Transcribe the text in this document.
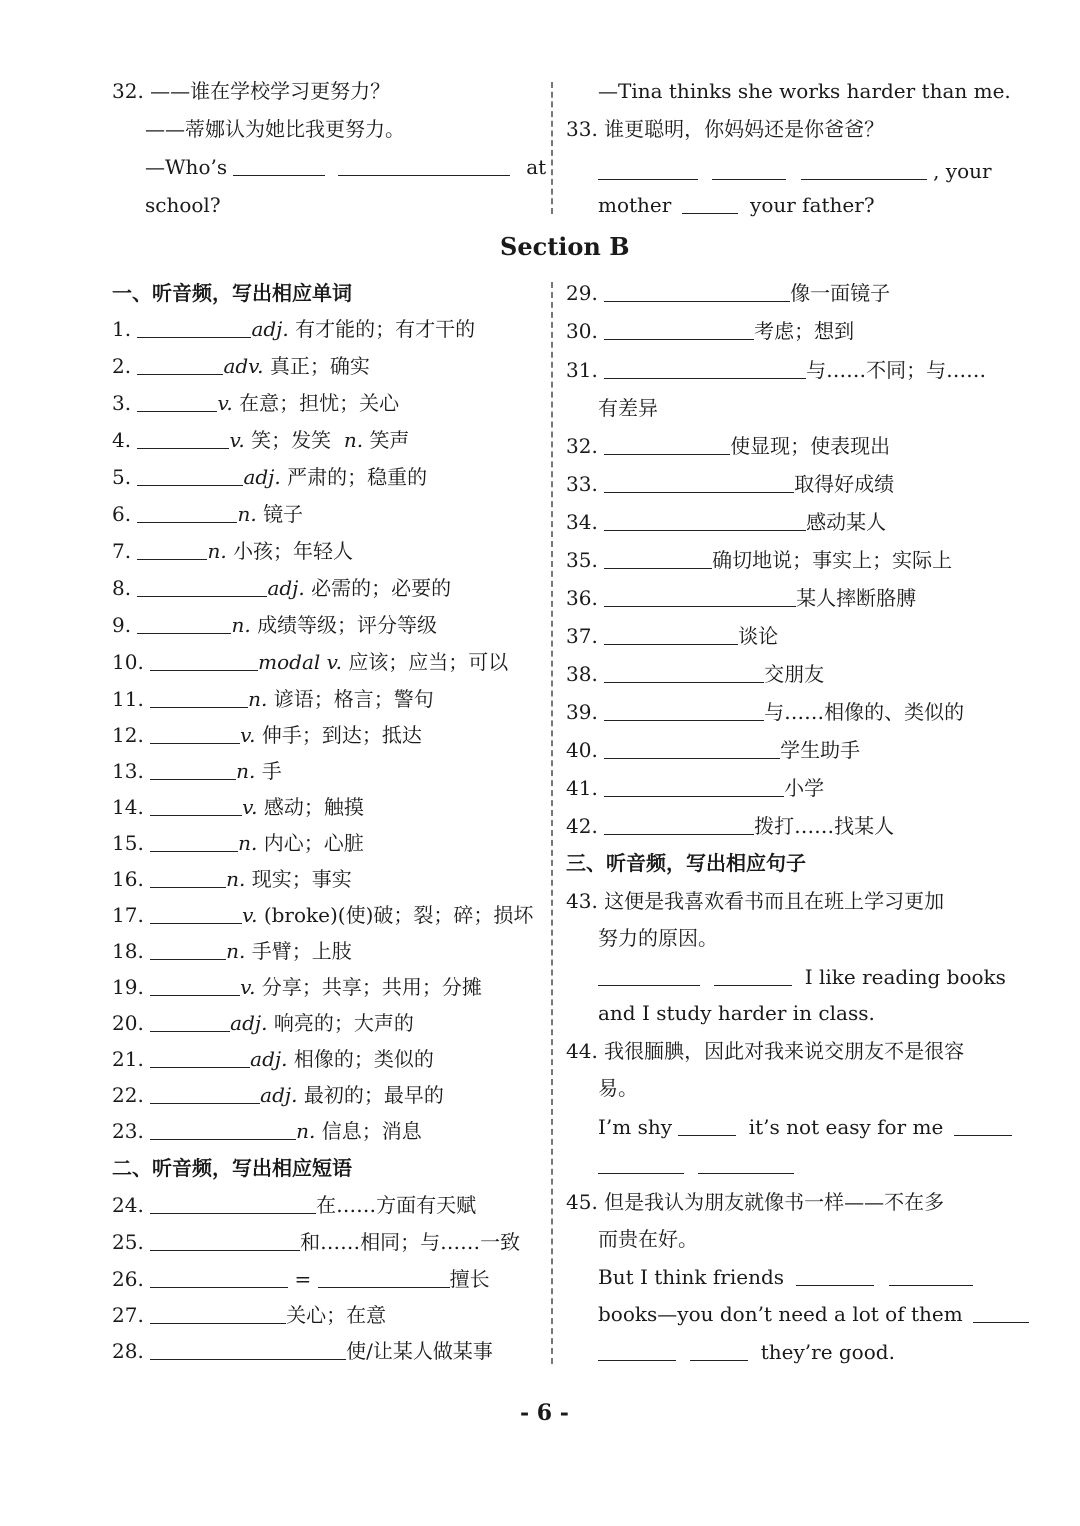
32. ——谁在学校学习更努力？
——蒂娜认为她比我更努力。
—Who’s	at
school?
—Tina thinks she works harder than me.
33. 谁更聪明，你妈妈还是你爸爸？
, your
mother	your father?
Section B
一、听音频，写出相应单词
1.	adj. 有才能的；有才干的
2.	adv. 真正；确实
3.	v. 在意；担忧；关心
4.	v. 笑；发笑 n. 笑声
5.	adj. 严肃的；稳重的
6.	n. 镜子
7.	n. 小孩；年轻人
8.	adj. 必需的；必要的
9.	n. 成绩等级；评分等级
10.	modal v. 应该；应当；可以
11.	n. 谚语；格言；警句
12.	v. 伸手；到达；抵达
13.	n. 手
14.	v. 感动；触摸
15.	n. 内心；心脏
16.	n. 现实；事实
17.	v. (broke)(使)破；裂；碎；损坏
18.	n. 手臂；上肢
19.	v. 分享；共享；共用；分摊
20.	adj. 响亮的；大声的
21.	adj. 相像的；类似的
22.	adj. 最初的；最早的
23.	n. 信息；消息
二、听音频，写出相应短语
24.	在……方面有天赋
25.	和……相同；与……一致
26.	=	擅长
27.	关心；在意
28.	使/让某人做某事
29.	像一面镜子
30.	考虑；想到
31.	与……不同；与……
有差异
32.	使显现；使表现出
33.	取得好成绩
34.	感动某人
35.	确切地说；事实上；实际上
36.	某人摔断胳膊
37.	谈论
38.	交朋友
39.	与……相像的、类似的
40.	学生助手
41.	小学
42.	拨打……找某人
三、听音频，写出相应句子
43. 这便是我喜欢看书而且在班上学习更加
努力的原因。
I like reading books
and I study harder in class.
44. 我很腼腆，因此对我来说交朋友不是很容
易。
I’m shy	it’s not easy for me

45. 但是我认为朋友就像书一样——不在多
而贵在好。
But I think friends
books—you don’t need a lot of them
they’re good.
- 6 -
